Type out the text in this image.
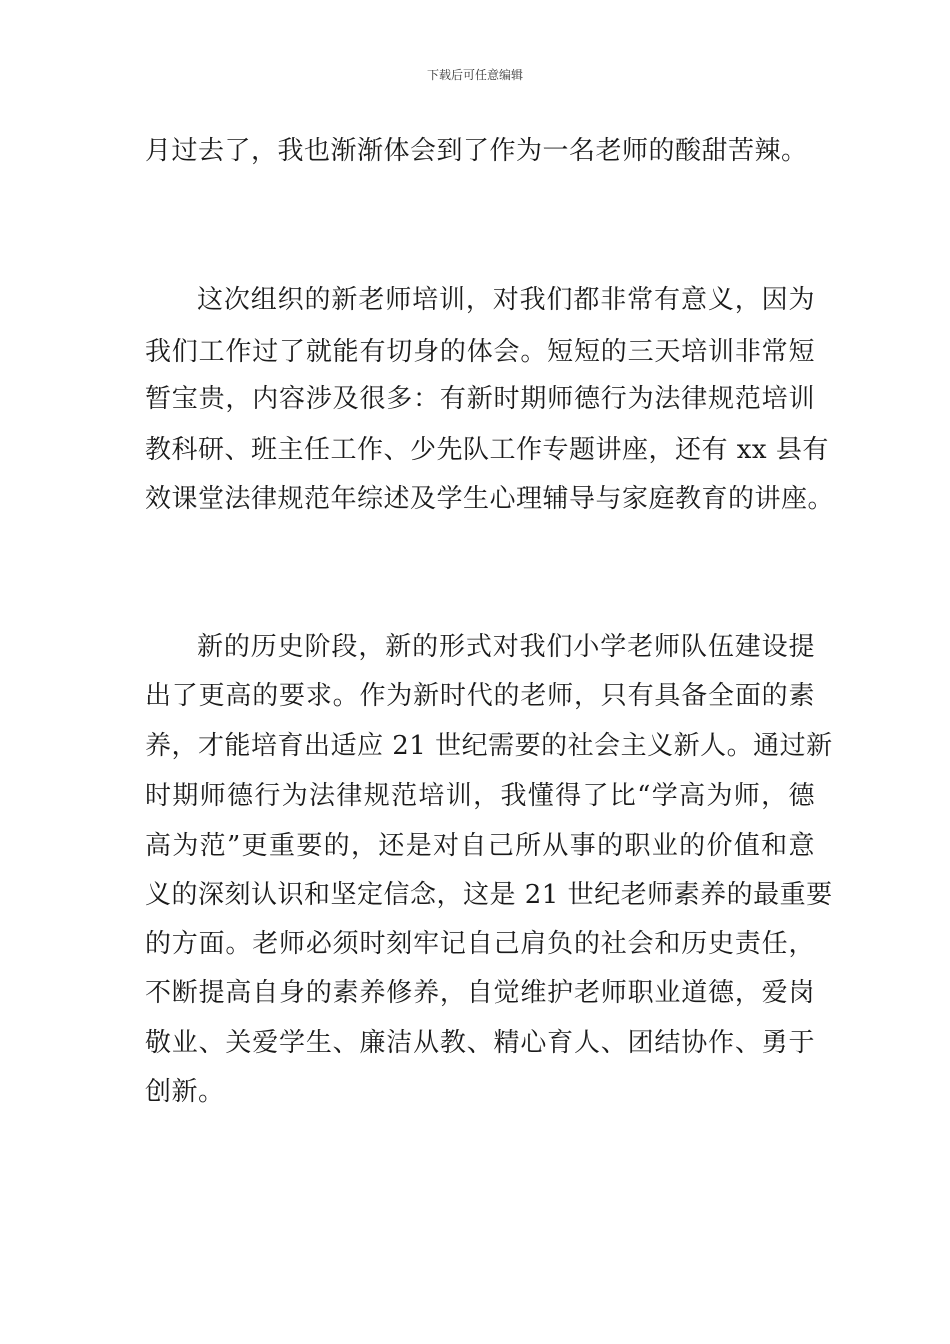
下载后可任意编辑
月过去了，我也渐渐体会到了作为一名老师的酸甜苦辣。
这次组织的新老师培训，对我们都非常有意义，因为
我们工作过了就能有切身的体会。短短的三天培训非常短
暂宝贵，内容涉及很多：有新时期师德行为法律规范培训
教科研、班主任工作、少先队工作专题讲座，还有 xx 县有
效课堂法律规范年综述及学生心理辅导与家庭教育的讲座。
新的历史阶段，新的形式对我们小学老师队伍建设提
出了更高的要求。作为新时代的老师，只有具备全面的素
养，才能培育出适应 21 世纪需要的社会主义新人。通过新
时期师德行为法律规范培训，我懂得了比“学高为师，德
高为范”更重要的，还是对自己所从事的职业的价值和意
义的深刻认识和坚定信念，这是 21 世纪老师素养的最重要
的方面。老师必须时刻牢记自己肩负的社会和历史责任，
不断提高自身的素养修养，自觉维护老师职业道德，爱岗
敬业、关爱学生、廉洁从教、精心育人、团结协作、勇于
创新。
